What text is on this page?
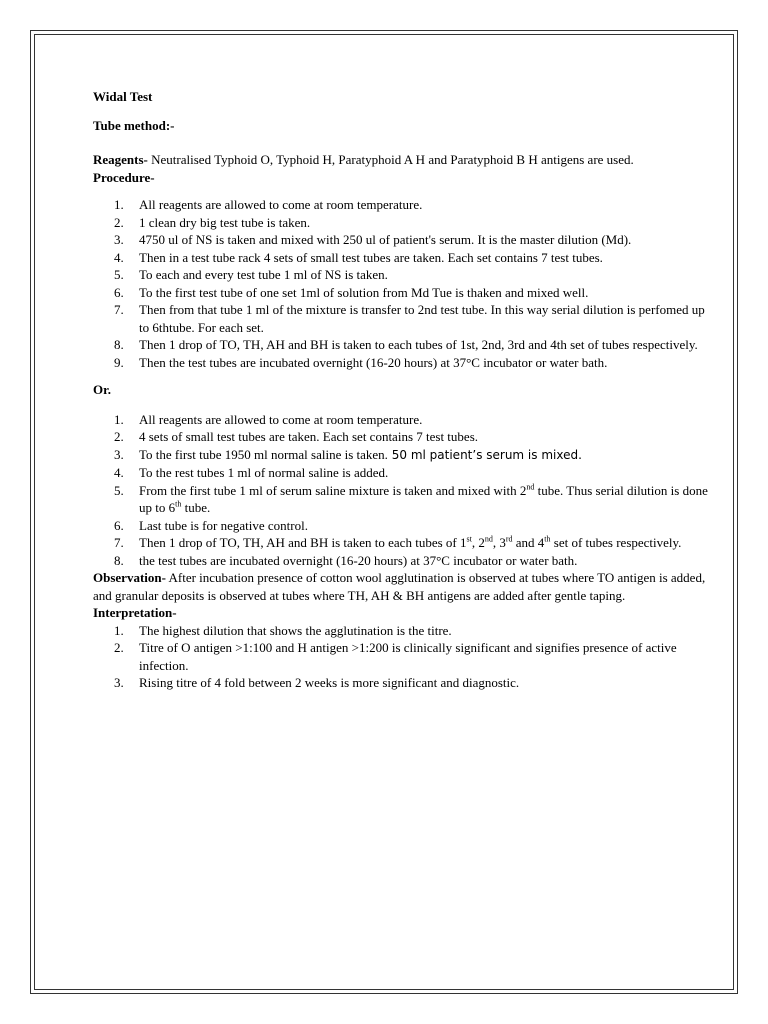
Widal Test

Tube method:-

Reagents- Neutralised Typhoid O, Typhoid H, Paratyphoid A H and Paratyphoid B H antigens are used.

Procedure-

1. All reagents are allowed to come at room temperature.
2. 1 clean dry big test tube is taken.
3. 4750 ul of NS is taken and mixed with 250 ul of patient's serum. It is the master dilution (Md).
4. Then in a test tube rack 4 sets of small test tubes are taken. Each set contains 7 test tubes.
5. To each and every test tube 1 ml of NS is taken.
6. To the first test tube of one set 1ml of solution from Md Tue is thaken and mixed well.
7. Then from that tube 1 ml of the mixture is transfer to 2nd test tube. In this way serial dilution is perfomed up to 6thtube. For each set.
8. Then 1 drop of TO, TH, AH and BH is taken to each tubes of 1st, 2nd, 3rd and 4th set of tubes respectively.
9. Then the test tubes are incubated overnight (16-20 hours) at 37°C incubator or water bath.

Or.

1. All reagents are allowed to come at room temperature.
2. 4 sets of small test tubes are taken. Each set contains 7 test tubes.
3. To the first tube 1950 ml normal saline is taken. 50 ml patient’s serum is mixed.
4. To the rest tubes 1 ml of normal saline is added.
5. From the first tube 1 ml of serum saline mixture is taken and mixed with 2nd tube. Thus serial dilution is done up to 6th tube.
6. Last tube is for negative control.
7. Then 1 drop of TO, TH, AH and BH is taken to each tubes of 1st, 2nd, 3rd and 4th set of tubes respectively.
8. the test tubes are incubated overnight (16-20 hours) at 37°C incubator or water bath.

Observation- After incubation presence of cotton wool agglutination is observed at tubes where TO antigen is added, and granular deposits is observed at tubes where TH, AH & BH antigens are added after gentle taping.

Interpretation-

1. The highest dilution that shows the agglutination is the titre.
2. Titre of O antigen >1:100 and H antigen >1:200 is clinically significant and signifies presence of active infection.
3. Rising titre of 4 fold between 2 weeks is more significant and diagnostic.
